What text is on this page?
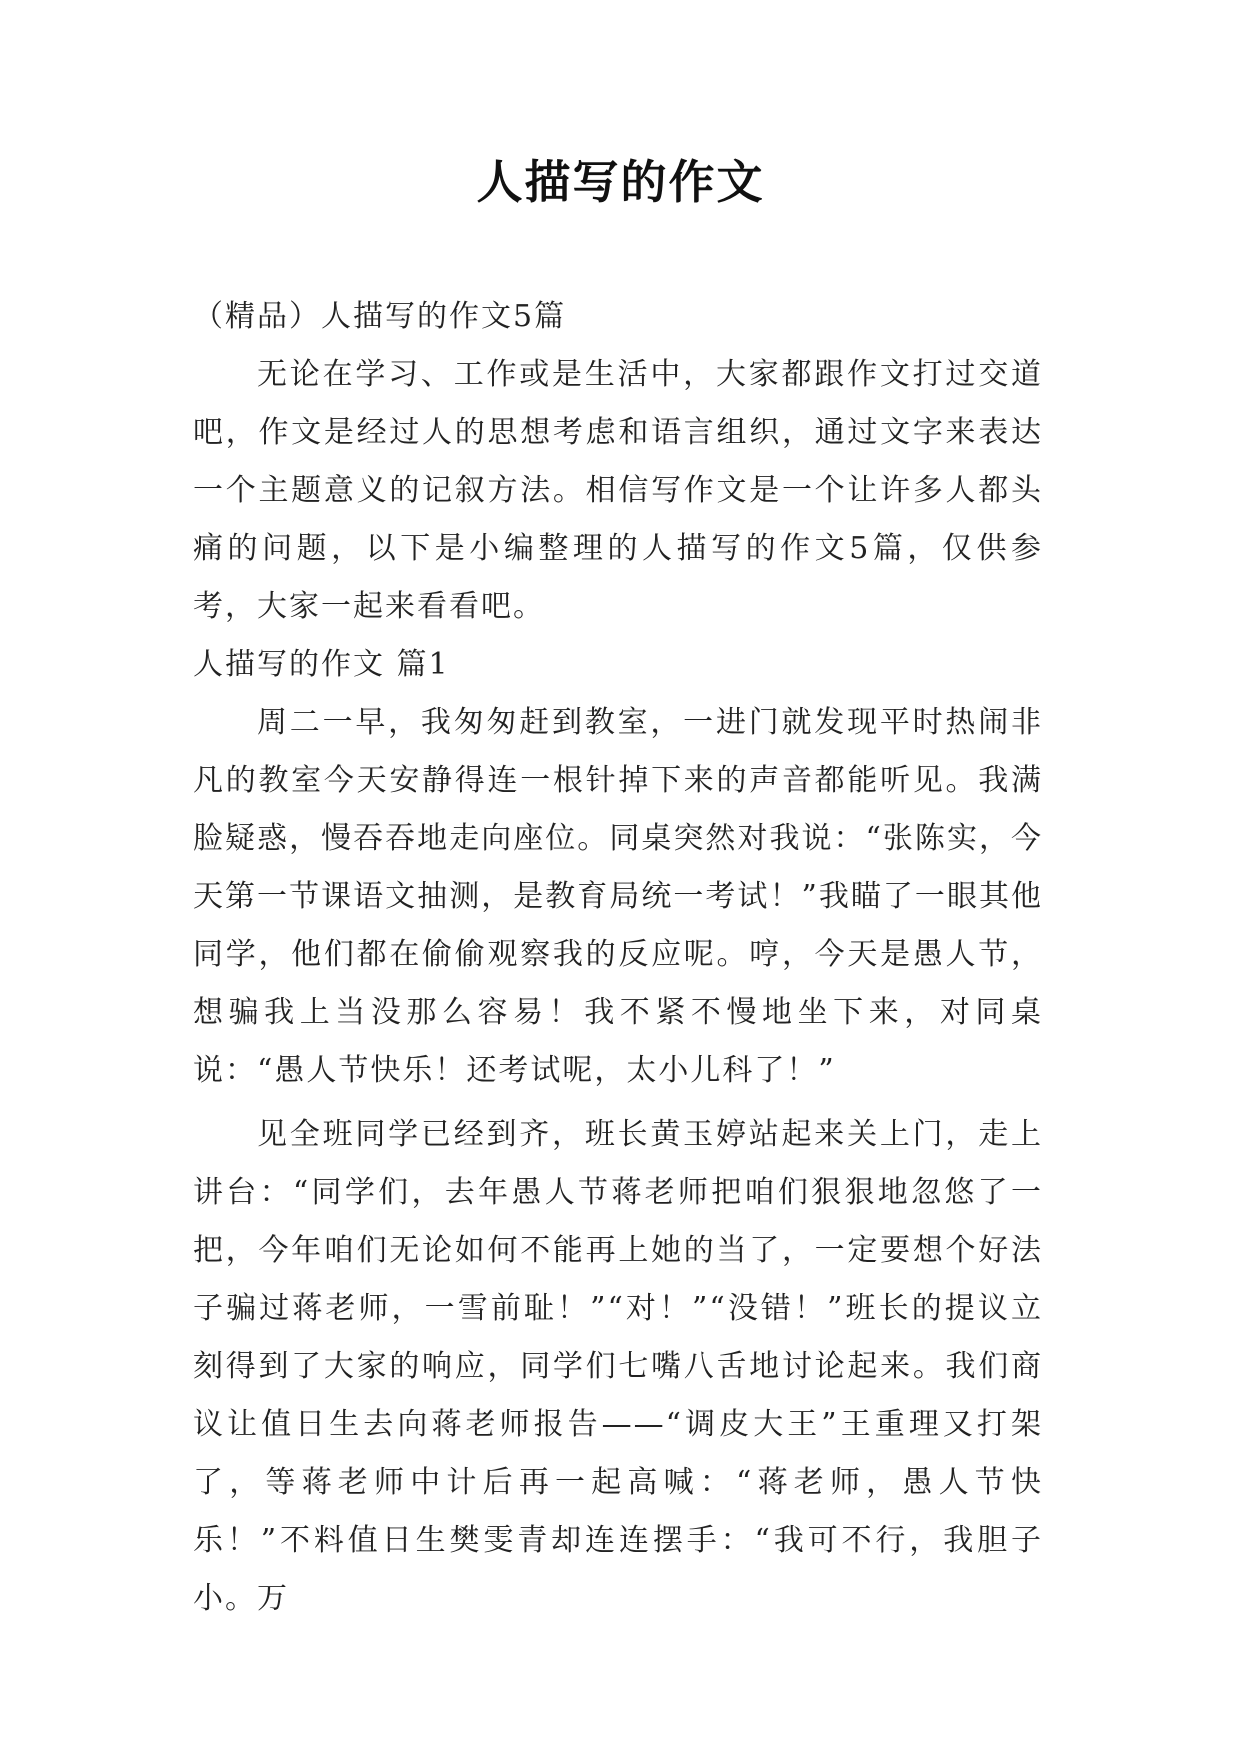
人描写的作文

（精品）人描写的作文5篇

无论在学习、工作或是生活中，大家都跟作文打过交道吧，作文是经过人的思想考虑和语言组织，通过文字来表达一个主题意义的记叙方法。相信写作文是一个让许多人都头痛的问题，以下是小编整理的人描写的作文5篇，仅供参考，大家一起来看看吧。

人描写的作文 篇1

周二一早，我匆匆赶到教室，一进门就发现平时热闹非凡的教室今天安静得连一根针掉下来的声音都能听见。我满脸疑惑，慢吞吞地走向座位。同桌突然对我说：“张陈实，今天第一节课语文抽测，是教育局统一考试！”我瞄了一眼其他同学，他们都在偷偷观察我的反应呢。哼，今天是愚人节，想骗我上当没那么容易！我不紧不慢地坐下来，对同桌说：“愚人节快乐！还考试呢，太小儿科了！”

见全班同学已经到齐，班长黄玉婷站起来关上门，走上讲台：“同学们，去年愚人节蒋老师把咱们狠狠地忽悠了一把，今年咱们无论如何不能再上她的当了，一定要想个好法子骗过蒋老师，一雪前耻！”“对！”“没错！”班长的提议立刻得到了大家的响应，同学们七嘴八舌地讨论起来。我们商议让值日生去向蒋老师报告——“调皮大王”王重理又打架了，等蒋老师中计后再一起高喊：“蒋老师，愚人节快乐！”不料值日生樊雯青却连连摆手：“我可不行，我胆子小。万
